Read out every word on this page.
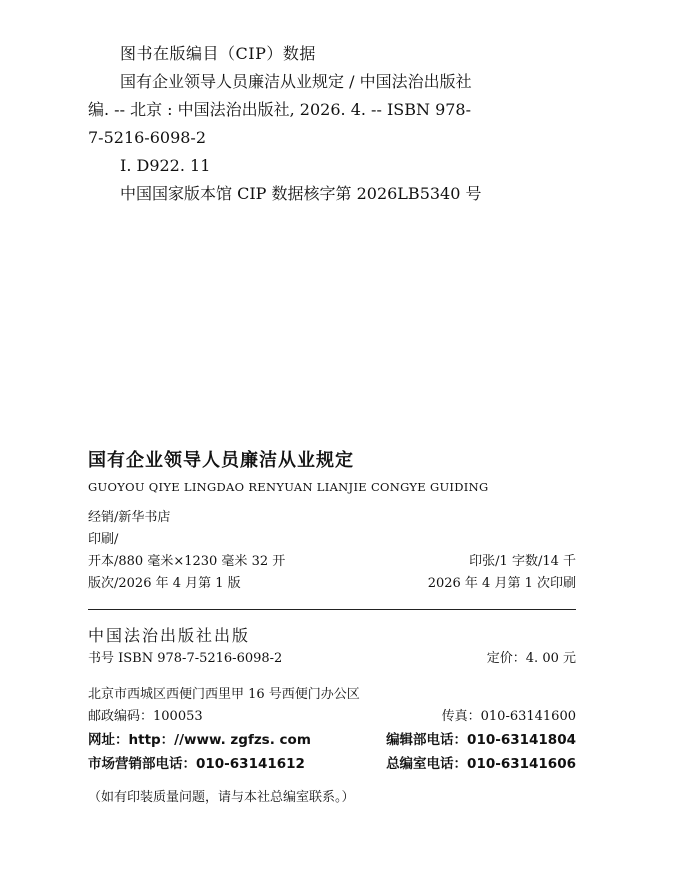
图书在版编目（CIP）数据
国有企业领导人员廉洁从业规定 / 中国法治出版社
编. -- 北京 : 中国法治出版社, 2026. 4. -- ISBN 978-
7-5216-6098-2
Ⅰ. D922. 11
中国国家版本馆 CIP 数据核字第 2026LB5340 号
国有企业领导人员廉洁从业规定
GUOYOU QIYE LINGDAO RENYUAN LIANJIE CONGYE GUIDING
经销/新华书店
印刷/
开本/880 毫米×1230 毫米 32 开	印张/1 字数/14 千
版次/2026 年 4 月第 1 版	2026 年 4 月第 1 次印刷
中国法治出版社出版
书号 ISBN 978-7-5216-6098-2	定价：4. 00 元
北京市西城区西便门西里甲 16 号西便门办公区
邮政编码：100053	传真：010-63141600
网址：http：//www. zgfzs. com	编辑部电话：010-63141804
市场营销部电话：010-63141612	总编室电话：010-63141606
（如有印装质量问题，请与本社总编室联系。）
